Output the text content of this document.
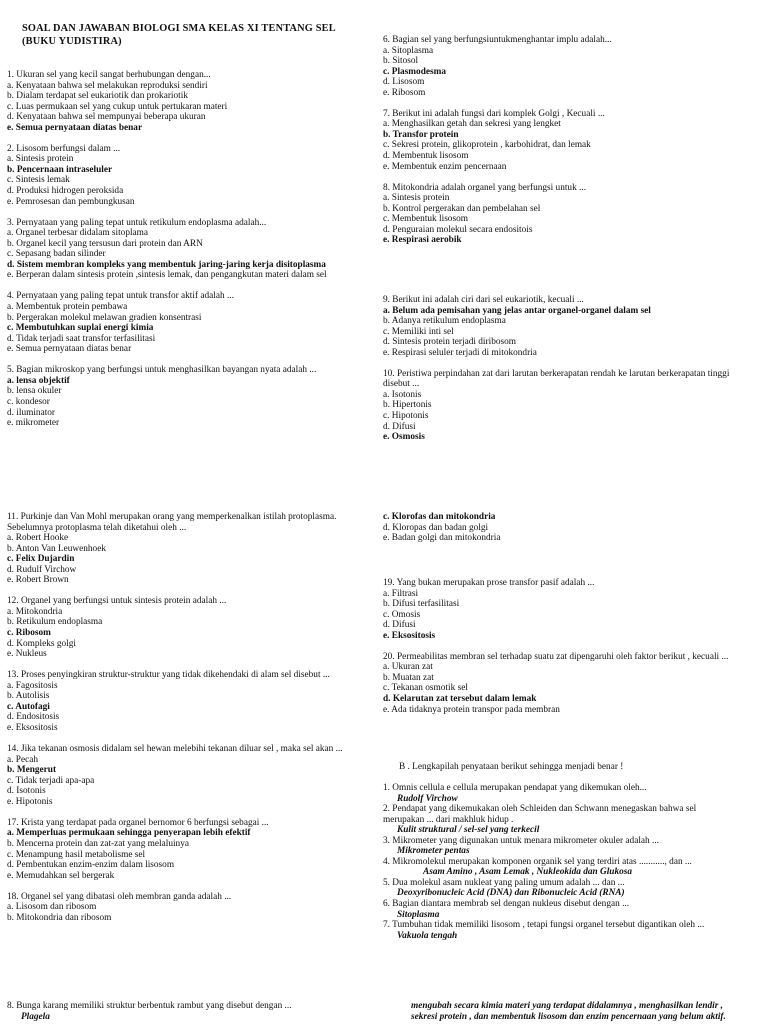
SOAL DAN JAWABAN BIOLOGI SMA KELAS XI TENTANG SEL
(BUKU YUDISTIRA)
1. Ukuran sel yang kecil sangat berhubungan dengan...
a. Kenyataan bahwa sel melakukan reproduksi sendiri
b. Dialam terdapat sel eukariotik dan prokariotik
c. Luas permukaan sel yang cukup untuk pertukaran materi
d. Kenyataan bahwa sel mempunyai beberapa ukuran
e. Semua pernyataan diatas benar

2. Lisosom berfungsi dalam ...
a. Sintesis protein
b. Pencernaan intraseluler
c. Sintesis lemak
d. Produksi hidrogen peroksida
e. Pemrosesan dan pembungkusan

3. Pernyataan yang paling tepat untuk retikulum endoplasma adalah...
a. Organel terbesar didalam sitoplama
b. Organel kecil yang tersusun dari protein dan ARN
c. Sepasang badan silinder
d. Sistem membran kompleks yang membentuk jaring-jaring kerja disitoplasma
e. Berperan dalam sintesis protein ,sintesis lemak, dan pengangkutan materi dalam sel

4. Pernyataan yang paling tepat untuk transfor aktif adalah ...
a. Membentuk protein pembawa
b. Pergerakan molekul melawan gradien konsentrasi
c. Membutuhkan suplai energi kimia
d. Tidak terjadi saat transfor terfasilitasi
e. Semua pernyataan diatas benar

5. Bagian mikroskop yang berfungsi untuk menghasilkan bayangan nyata adalah ...
a. lensa objektif
b. lensa okuler
c. kondesor
d. iluminator
e. mikrometer
11. Purkinje dan Van Mohl merupakan orang yang memperkenalkan istilah protoplasma.
Sebelumnya protoplasma telah diketahui oleh ...
a. Robert Hooke
b. Anton Van Leuwenhoek
c. Felix Dujardin
d. Rudulf Virchow
e. Robert Brown

12. Organel yang berfungsi untuk sintesis protein adalah ...
a. Mitokondria
b. Retikulum endoplasma
c. Ribosom
d. Kompleks golgi
e. Nukleus

13. Proses penyingkiran struktur-struktur yang tidak dikehendaki di alam sel disebut ...
a. Fagositosis
b. Autolisis
c. Autofagi
d. Endositosis
e. Eksositosis

14. Jika tekanan osmosis didalam sel hewan melebihi tekanan diluar sel , maka sel akan ...
a. Pecah
b. Mengerut
c. Tidak terjadi apa-apa
d. Isotonis
e. Hipotonis

17. Krista yang terdapat pada organel bernomor 6 berfungsi sebagai ...
a. Memperluas permukaan sehingga penyerapan lebih efektif
b. Mencerna protein dan zat-zat yang melaluinya
c. Menampung hasil metabolisme sel
d. Pembentukan enzim-enzim dalam lisosom
e. Memudahkan sel bergerak

18. Organel sel yang dibatasi oleh membran ganda adalah ...
a. Lisosom dan ribosom
b. Mitokondria dan ribosom
6. Bagian sel yang berfungsiuntukmenghantar implu adalah...
a. Sitoplasma
b. Sitosol
c. Plasmodesma
d. Lisosom
e. Ribosom

7. Berikut ini adalah fungsi dari komplek Golgi , Kecuali ...
a. Menghasilkan getah dan sekresi yang lengket
b. Transfor protein
c. Sekresi protein, glikoprotein , karbohidrat, dan lemak
d. Membentuk lisosom
e. Membentuk enzim pencernaan

8. Mitokondria adalah organel yang berfungsi untuk ...
a. Sintesis protein
b. Kontrol pergerakan dan pembelahan sel
c. Membentuk lisosom
d. Penguraian molekul secara endositois
e. Respirasi aerobik
9. Berikut ini adalah ciri dari sel eukariotik, kecuali ...
a. Belum ada pemisahan yang jelas antar organel-organel dalam sel
b. Adanya retikulum endoplasma
c. Memiliki inti sel
d. Sintesis protein terjadi diribosom
e. Respirasi seluler terjadi di mitokondria

10. Peristiwa perpindahan zat dari larutan berkerapatan rendah ke larutan berkerapatan tinggi disebut ...
a. Isotonis
b. Hipertonis
c. Hipotonis
d. Difusi
e. Osmosis
c. Klorofas dan mitokondria
d. Kloropas dan badan golgi
e. Badan golgi dan mitokondria
19. Yang bukan merupakan prose transfor pasif adalah ...
a. Filtrasi
b. Difusi terfasilitasi
c. Omosis
d. Difusi
e. Eksositosis

20. Permeabilitas membran sel terhadap suatu zat dipengaruhi oleh faktor berikut , kecuali ...
a. Ukuran zat
b. Muatan zat
c. Tekanan osmotik sel
d. Kelarutan zat tersebut dalam lemak
e. Ada tidaknya protein transpor pada membran
B . Lengkapilah penyataan berikut sehingga menjadi benar !
1. Omnis cellula e cellula merupakan pendapat yang dikemukan oleh...
Rudolf Virchow
2. Pendapat yang dikemukakan oleh Schleiden dan Schwann menegaskan bahwa sel
merupakan ... dari makhluk hidup .
Kulit struktural / sel-sel yang terkecil
3. Mikrometer yang digunakan untuk menara mikrometer okuler adalah ...
Mikrometer pentas
4. Mikromolekul merupakan komponen organik sel yang terdiri atas ..........., dan ...
Asam Amino , Asam Lemak , Nukleokida dan Glukosa
5. Dua molekul asam nukleat yang paling umum adalah ... dan ...
Deoxyribonucleic Acid (DNA) dan Ribonucleic Acid (RNA)
6. Bagian diantara membrab sel dengan nukleus disebut dengan ...
Sitoplasma
7. Tumbuhan tidak memiliki lisosom , tetapi fungsi organel tersebut digantikan oleh ...
Vakuola tengah
8. Bunga karang memiliki struktur berbentuk rambut yang disebut dengan ...
Plagela
mengubah secara kimia materi yang terdapat didalamnya , menghasilkan lendir ,
sekresi protein , dan membentuk lisosom dan enzim pencernaan yang belum aktif.
